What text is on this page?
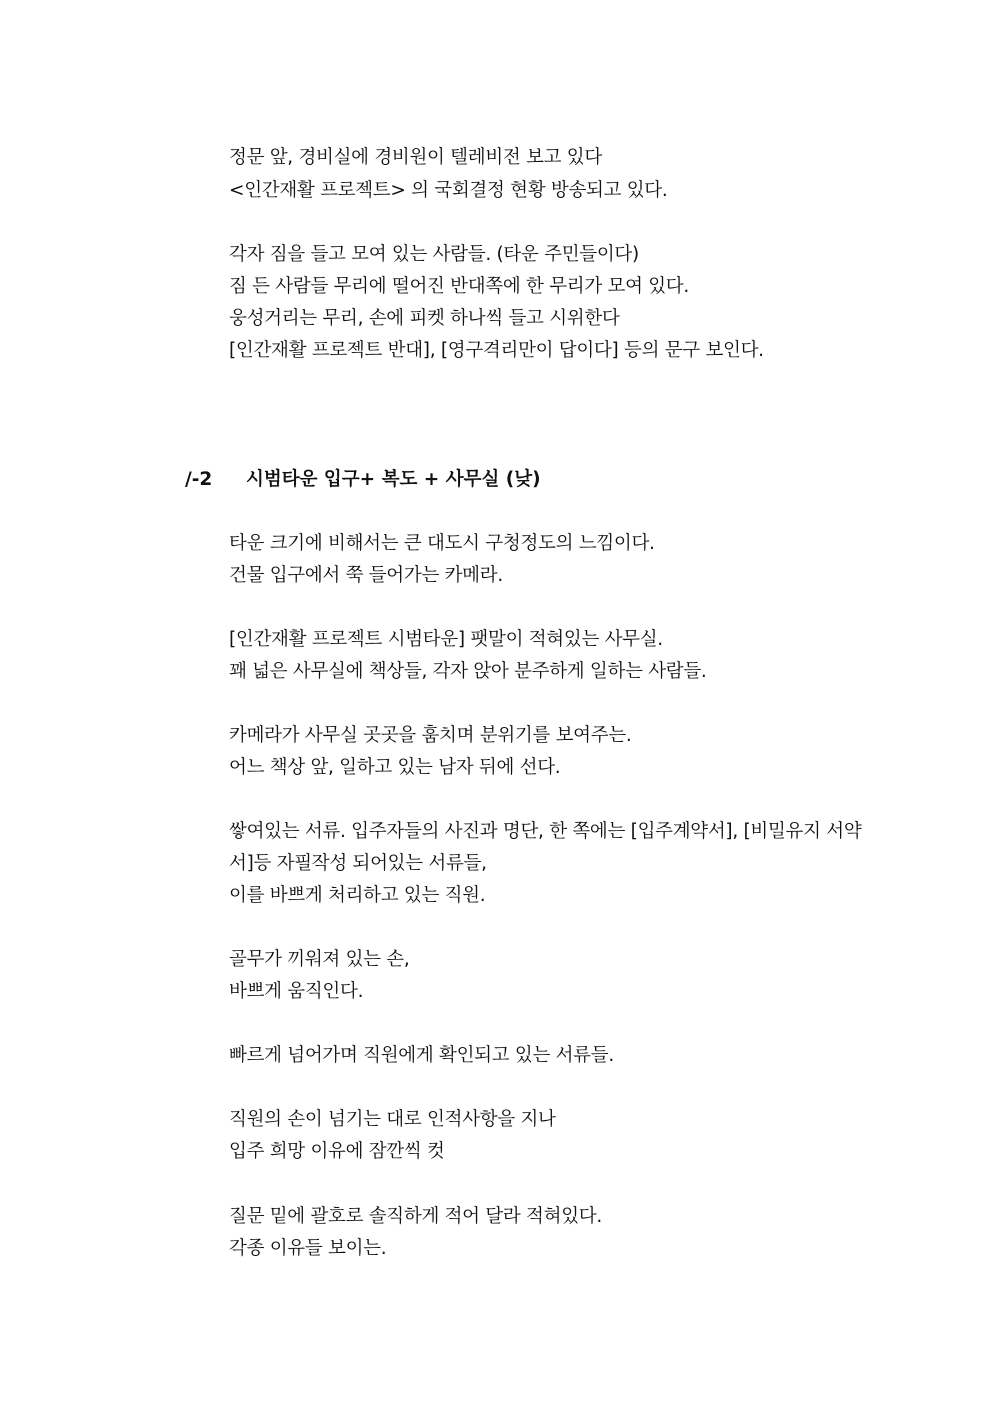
정문 앞, 경비실에 경비원이 텔레비전 보고 있다
<인간재활 프로젝트> 의 국회결정 현황 방송되고 있다.
각자 짐을 들고 모여 있는 사람들. (타운 주민들이다)
짐 든 사람들 무리에 떨어진 반대쪽에 한 무리가 모여 있다.
웅성거리는 무리, 손에 피켓 하나씩 들고 시위한다
[인간재활 프로젝트 반대], [영구격리만이 답이다] 등의 문구 보인다.
/-2 시범타운 입구+ 복도 + 사무실 (낮)
타운 크기에 비해서는 큰 대도시 구청정도의 느낌이다.
건물 입구에서 쭉 들어가는 카메라.
[인간재활 프로젝트 시범타운] 팻말이 적혀있는 사무실.
꽤 넓은 사무실에 책상들, 각자 앉아 분주하게 일하는 사람들.
카메라가 사무실 곳곳을 훔치며 분위기를 보여주는.
어느 책상 앞, 일하고 있는 남자 뒤에 선다.
쌓여있는 서류. 입주자들의 사진과 명단, 한 쪽에는 [입주계약서], [비밀유지 서약
서]등 자필작성 되어있는 서류들,
이를 바쁘게 처리하고 있는 직원.
골무가 끼워져 있는 손,
바쁘게 움직인다.
빠르게 넘어가며 직원에게 확인되고 있는 서류들.
직원의 손이 넘기는 대로 인적사항을 지나
입주 희망 이유에 잠깐씩 컷
질문 밑에 괄호로 솔직하게 적어 달라 적혀있다.
각종 이유들 보이는.
